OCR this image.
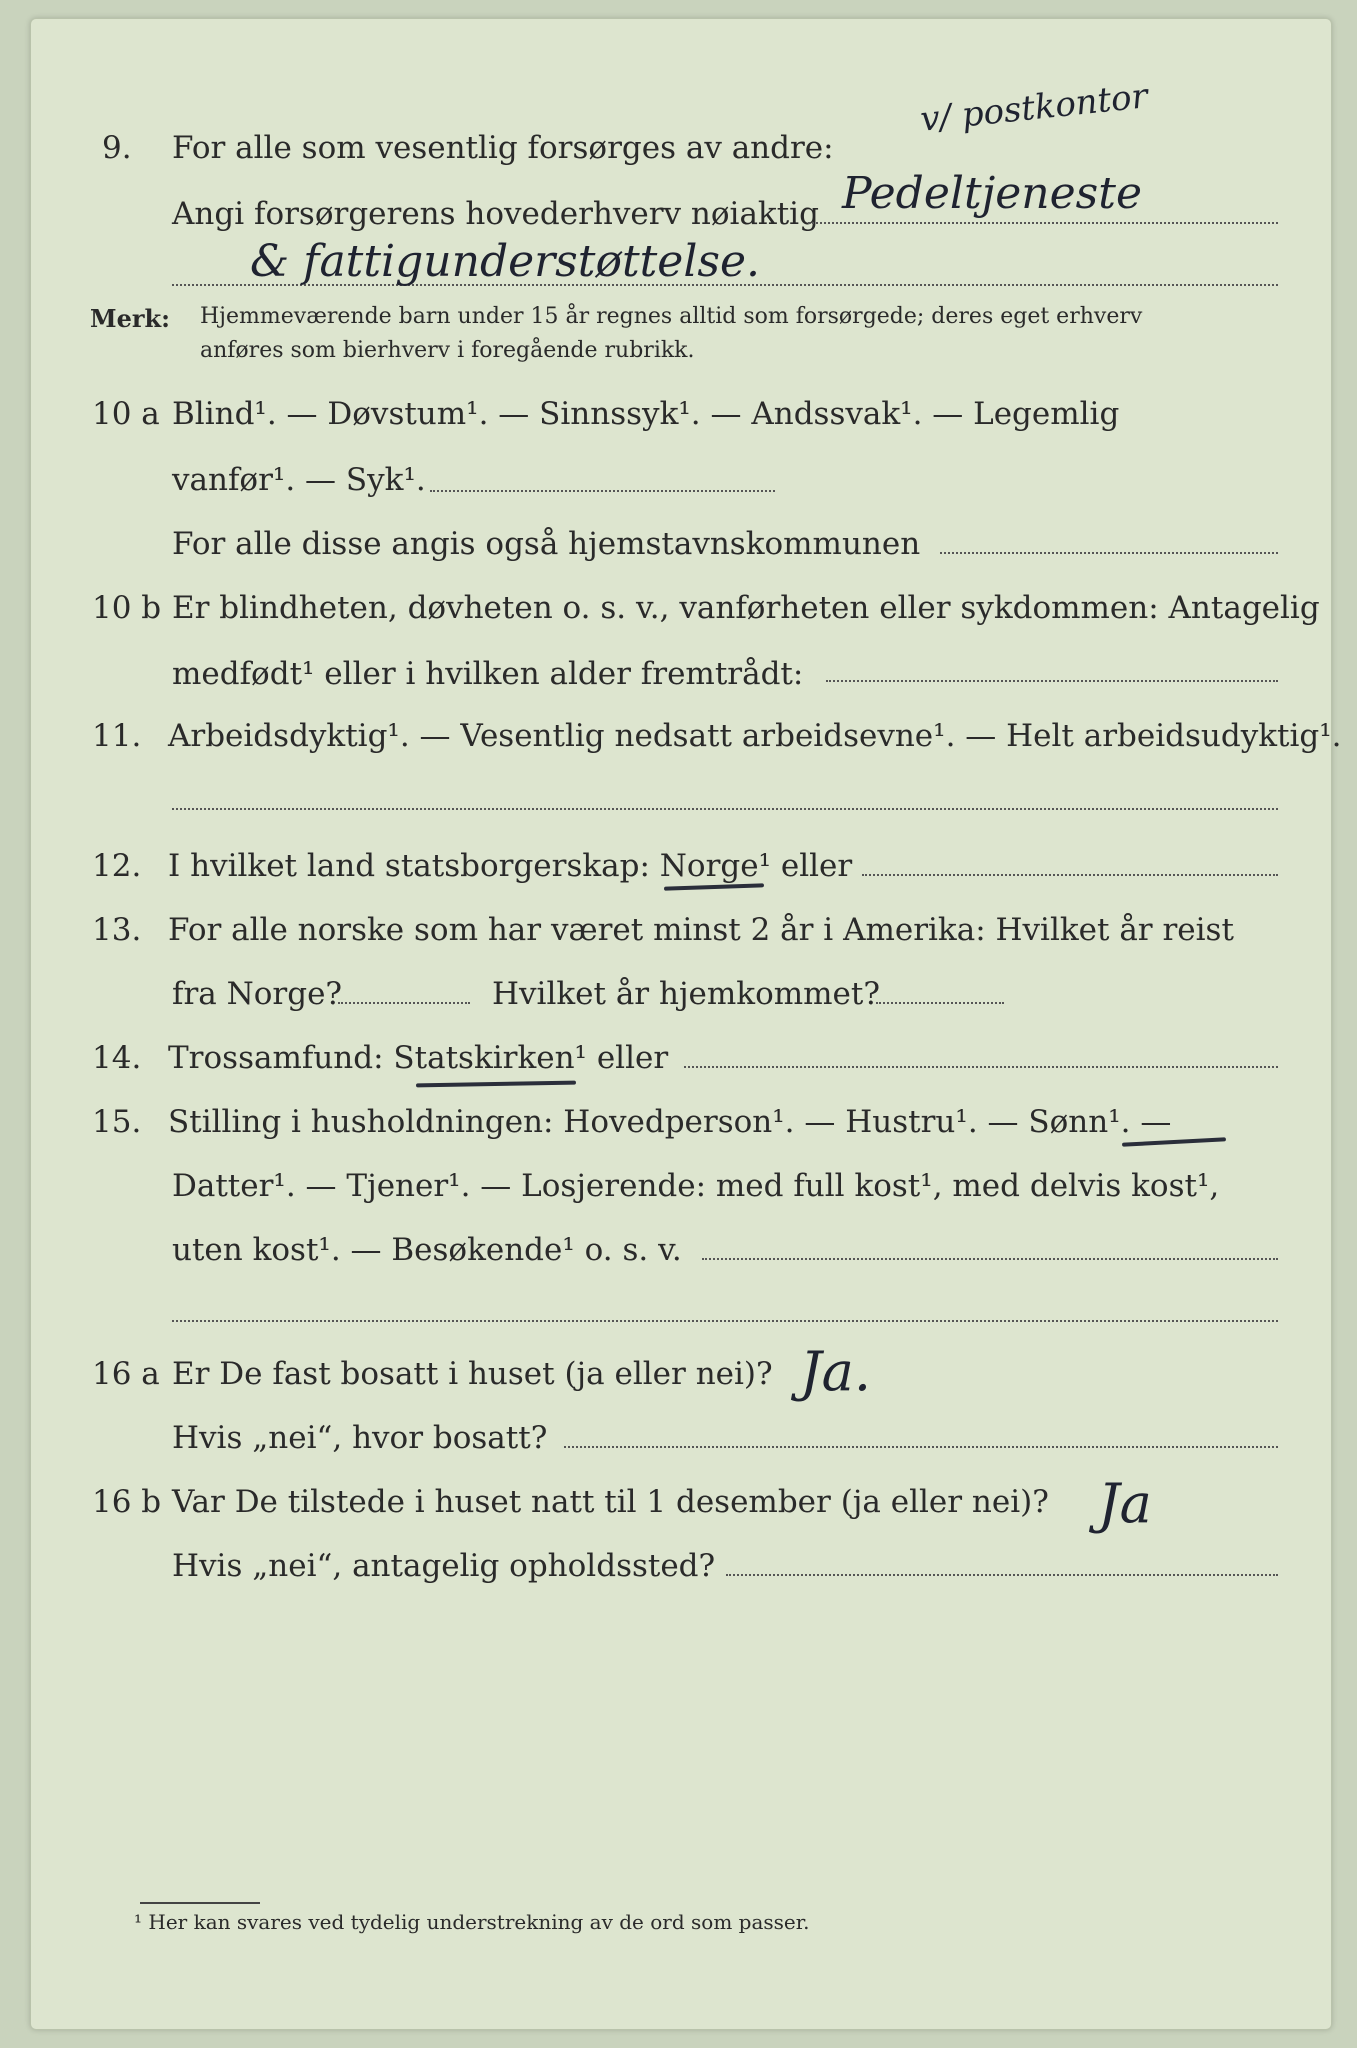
v/ postkontor
9. For alle som vesentlig forsørges av andre:
Angi forsørgerens hovederhverv nøiaktig Pedeltjeneste
& fattigunderstøttelse.
Merk: Hjemmeværende barn under 15 år regnes alltid som forsørgede; deres eget erhverv
anføres som bierhverv i foregående rubrikk.
10 a Blind¹. — Døvstum¹. — Sinnssyk¹. — Andssvak¹. — Legemlig
vanfør¹. — Syk¹.
For alle disse angis også hjemstavnskommunen
10 b Er blindheten, døvheten o. s. v., vanførheten eller sykdommen: Antagelig
medfødt¹ eller i hvilken alder fremtrådt:
11. Arbeidsdyktig¹. — Vesentlig nedsatt arbeidsevne¹. — Helt arbeidsudyktig¹.
12. I hvilket land statsborgerskap: Norge¹ eller
13. For alle norske som har været minst 2 år i Amerika: Hvilket år reist
fra Norge?	Hvilket år hjemkommet?
14. Trossamfund: Statskirken¹ eller
15. Stilling i husholdningen: Hovedperson¹. — Hustru¹. — Sønn¹. —
Datter¹. — Tjener¹. — Losjerende: med full kost¹, med delvis kost¹,
uten kost¹. — Besøkende¹ o. s. v.
16 a Er De fast bosatt i huset (ja eller nei)? Ja.
Hvis „nei“, hvor bosatt?
16 b Var De tilstede i huset natt til 1 desember (ja eller nei)? Ja
Hvis „nei“, antagelig opholdssted?
¹ Her kan svares ved tydelig understrekning av de ord som passer.
